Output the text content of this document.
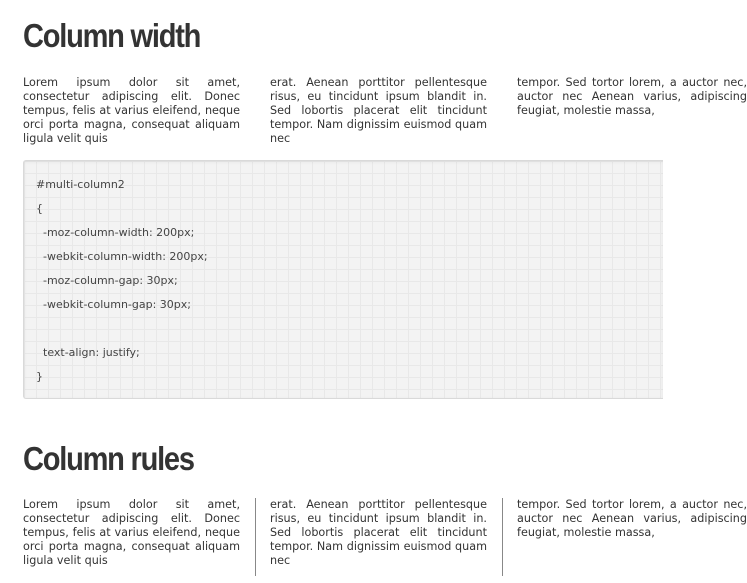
Column width
Lorem ipsum dolor sit amet, consectetur adipiscing elit. Donec tempus, felis at varius eleifend, neque orci porta magna, consequat aliquam ligula velit quis
erat. Aenean porttitor pellentesque risus, eu tincidunt ipsum blandit in. Sed lobortis placerat elit tincidunt tempor. Nam dignissim euismod quam nec
tempor. Sed tortor lorem, a auctor nec, auctor nec Aenean varius, adipiscing feugiat, molestie massa,
#multi-column2
{
-moz-column-width: 200px;
-webkit-column-width: 200px;
-moz-column-gap: 30px;
-webkit-column-gap: 30px;
text-align: justify;
}
Column rules
Lorem ipsum dolor sit amet, consectetur adipiscing elit. Donec tempus, felis at varius eleifend, neque orci porta magna, consequat aliquam ligula velit quis
erat. Aenean porttitor pellentesque risus, eu tincidunt ipsum blandit in. Sed lobortis placerat elit tincidunt tempor. Nam dignissim euismod quam nec
tempor. Sed tortor lorem, a auctor nec, auctor nec Aenean varius, adipiscing feugiat, molestie massa,
